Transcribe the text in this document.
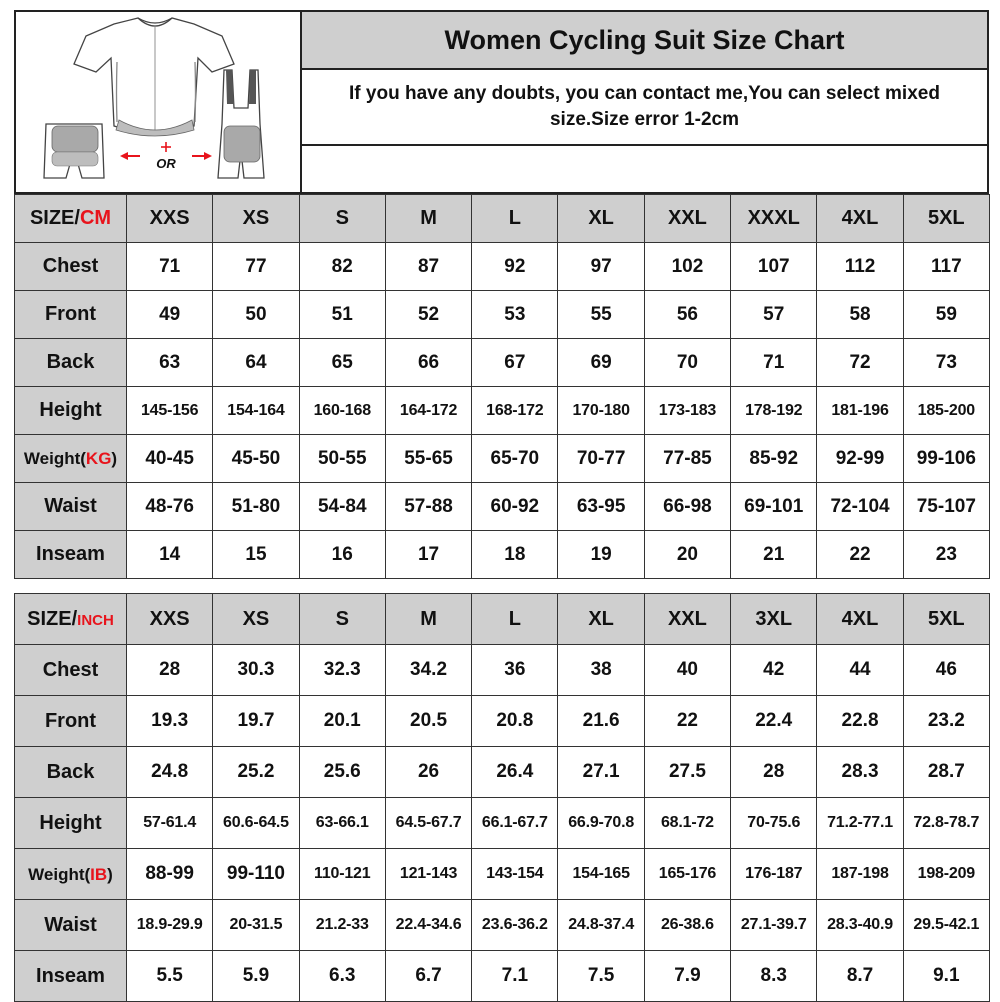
OR
Women Cycling Suit Size Chart
If you have any doubts, you can contact me,You can select mixed size.Size error 1-2cm
SIZE/CM	XXS	XS	S	M	L	XL	XXL	XXXL	4XL	5XL
Chest	71	77	82	87	92	97	102	107	112	117
Front	49	50	51	52	53	55	56	57	58	59
Back	63	64	65	66	67	69	70	71	72	73
Height	145-156	154-164	160-168	164-172	168-172	170-180	173-183	178-192	181-196	185-200
Weight(KG)	40-45	45-50	50-55	55-65	65-70	70-77	77-85	85-92	92-99	99-106
Waist	48-76	51-80	54-84	57-88	60-92	63-95	66-98	69-101	72-104	75-107
Inseam	14	15	16	17	18	19	20	21	22	23
SIZE/INCH	XXS	XS	S	M	L	XL	XXL	3XL	4XL	5XL
Chest	28	30.3	32.3	34.2	36	38	40	42	44	46
Front	19.3	19.7	20.1	20.5	20.8	21.6	22	22.4	22.8	23.2
Back	24.8	25.2	25.6	26	26.4	27.1	27.5	28	28.3	28.7
Height	57-61.4	60.6-64.5	63-66.1	64.5-67.7	66.1-67.7	66.9-70.8	68.1-72	70-75.6	71.2-77.1	72.8-78.7
Weight(IB)	88-99	99-110	110-121	121-143	143-154	154-165	165-176	176-187	187-198	198-209
Waist	18.9-29.9	20-31.5	21.2-33	22.4-34.6	23.6-36.2	24.8-37.4	26-38.6	27.1-39.7	28.3-40.9	29.5-42.1
Inseam	5.5	5.9	6.3	6.7	7.1	7.5	7.9	8.3	8.7	9.1
